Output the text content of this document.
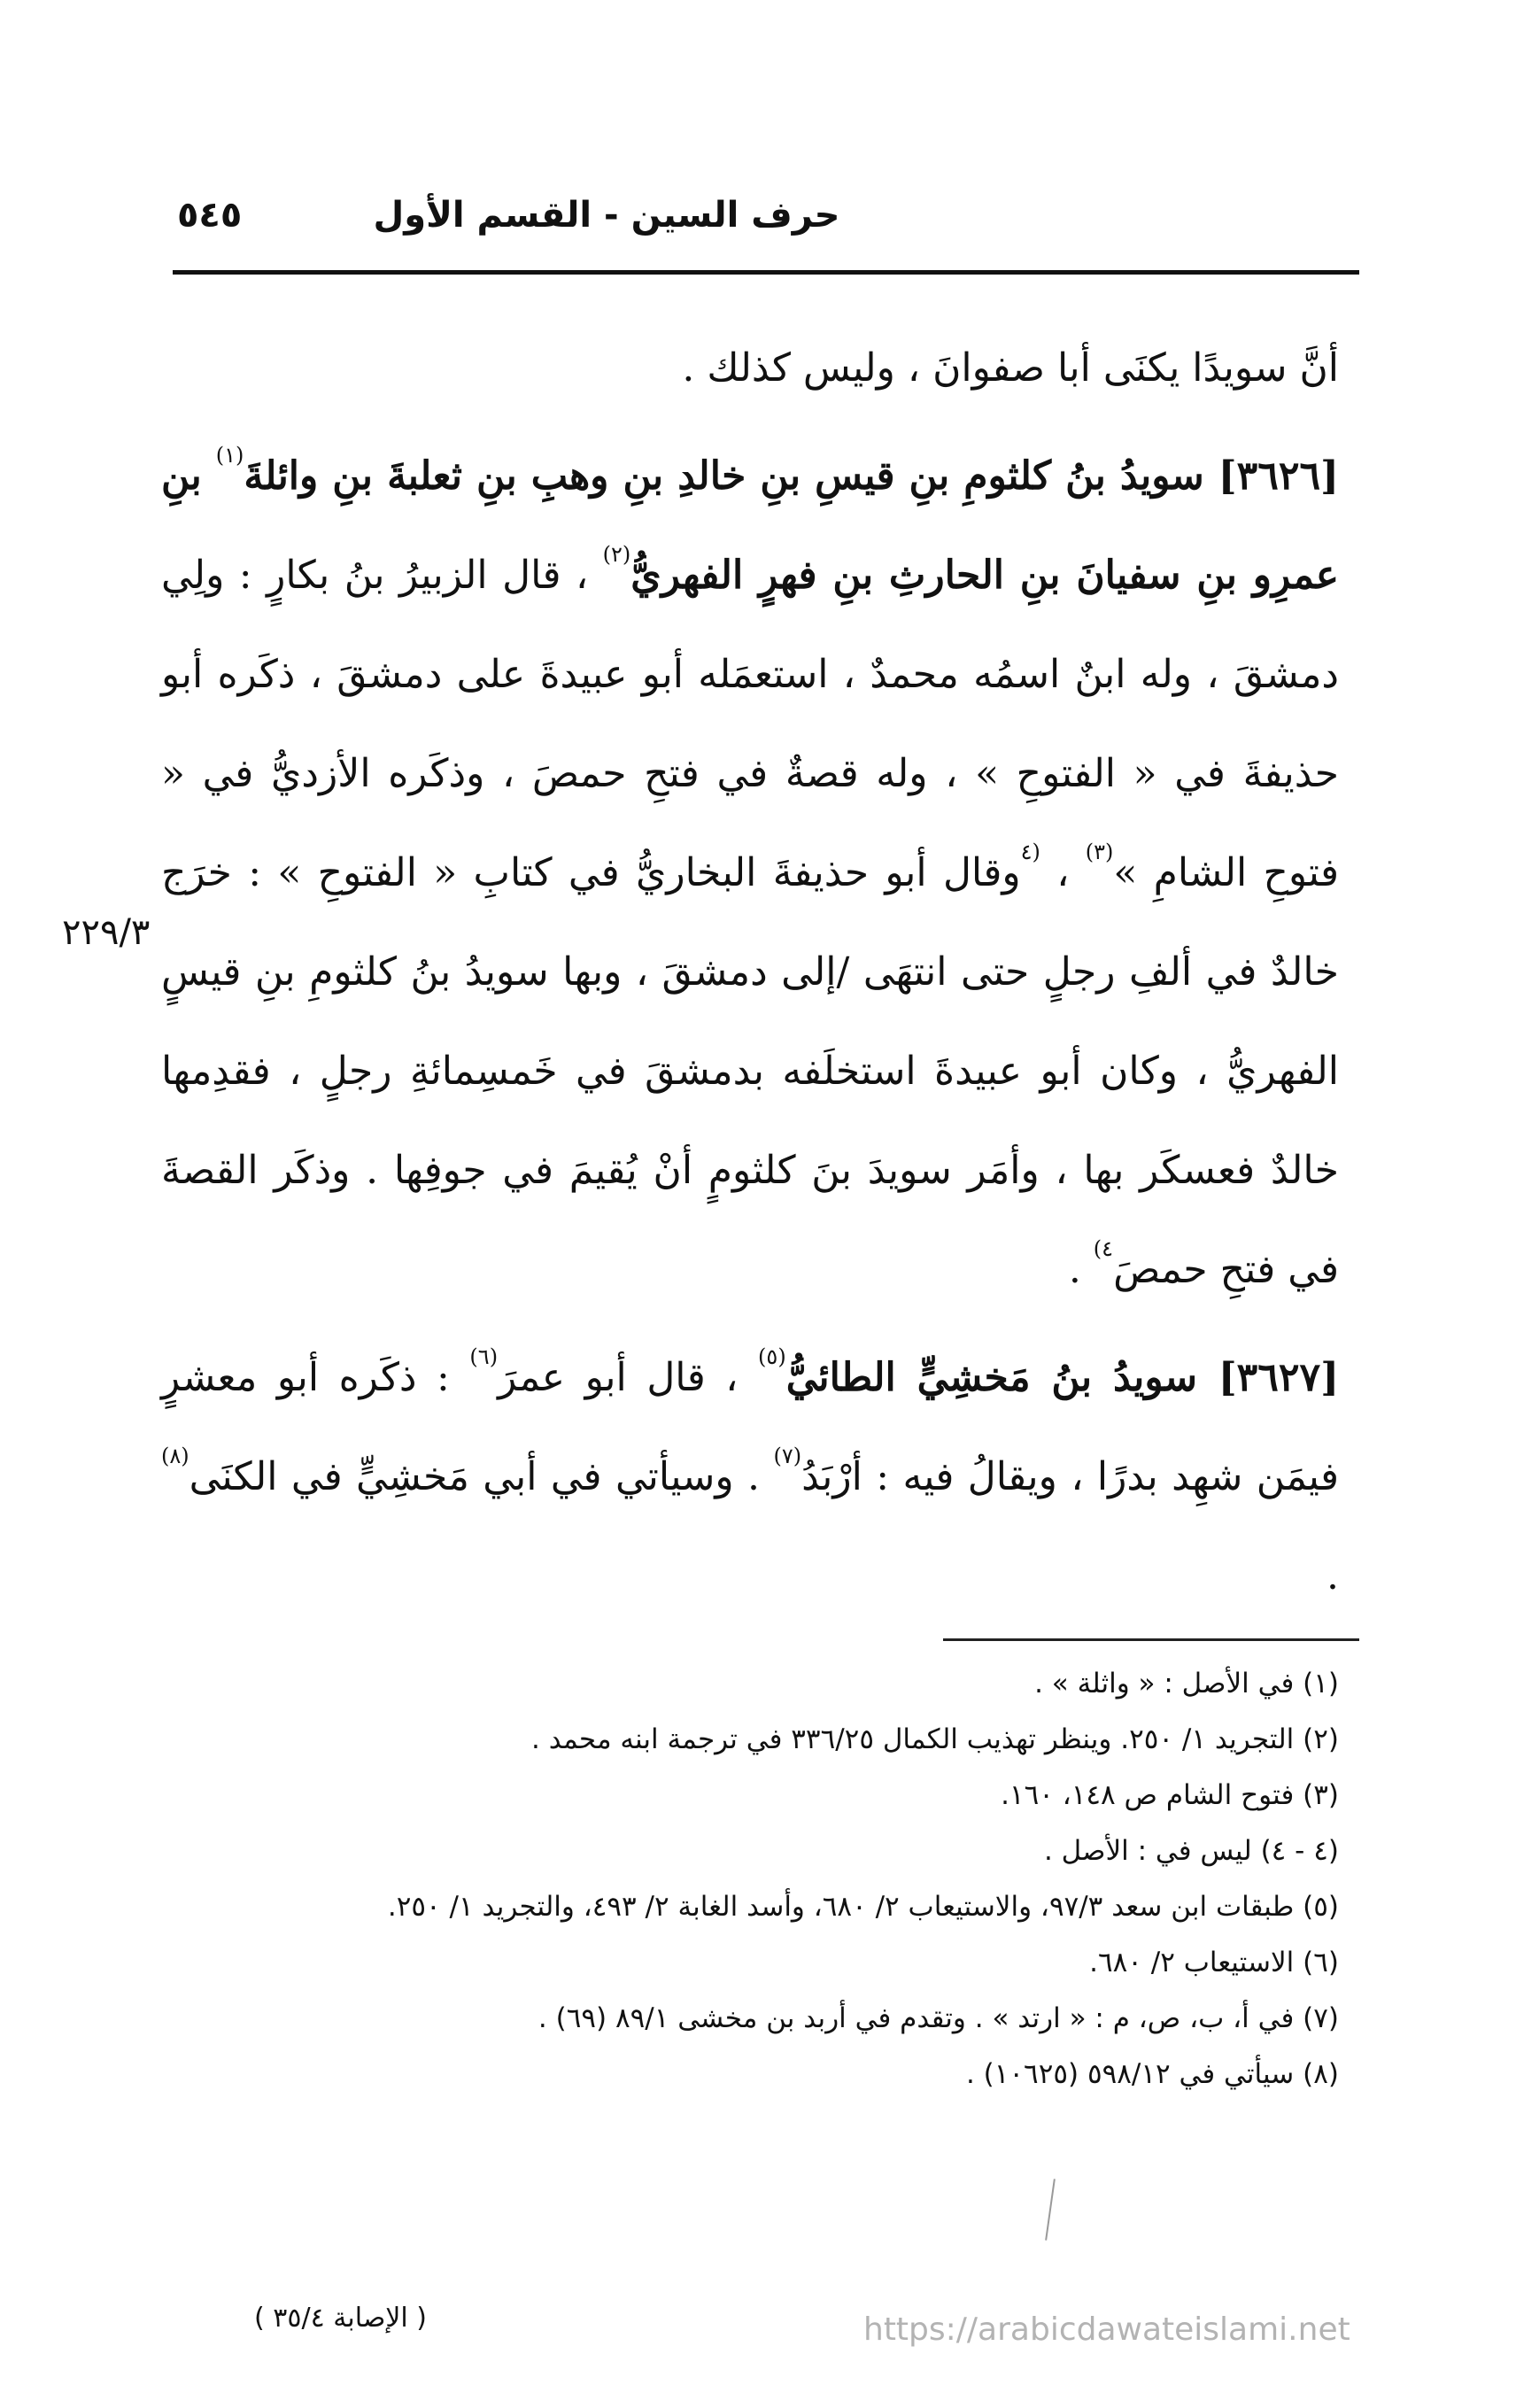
حرف السين - القسم الأول
٥٤٥

أنَّ سويدًا يكنَى أبا صفوانَ ، وليس كذلك .

[٣٦٢٦] سويدُ بنُ كلثومِ بنِ قيسِ بنِ خالدِ بنِ وهبِ بنِ ثعلبةَ بنِ وائلةَ$^{(١)}$ بنِ عمرِو بنِ سفيانَ بنِ الحارثِ بنِ فهرٍ الفهريُّ$^{(٢)}$ ، قال الزبيرُ بنُ بكارٍ : ولِي دمشقَ ، وله ابنٌ اسمُه محمدٌ ، استعمَله أبو عبيدةَ على دمشقَ ، ذكَره أبو حذيفةَ في « الفتوحِ » ، وله قصةٌ في فتحِ حمصَ ، وذكَره الأزديُّ في « فتوحِ الشامِ »$^{(٣)}$ ، $^{(٤}$وقال أبو حذيفةَ البخاريُّ في كتابِ « الفتوحِ » : خرَج خالدٌ في ألفِ رجلٍ حتى انتهَى /إلى دمشقَ ، وبها سويدُ بنُ كلثومِ بنِ قيسٍ الفهريُّ ، وكان أبو عبيدةَ استخلَفه بدمشقَ في خَمسِمائةِ رجلٍ ، فقدِمها خالدٌ فعسكَر بها ، وأمَر سويدَ بنَ كلثومٍ أنْ يُقيمَ في جوفِها . وذكَر القصةَ في فتحِ حمصَ$^{٤)}$ .

[٣٦٢٧] سويدُ بنُ مَخشِيٍّ الطائيُّ$^{(٥)}$ ، قال أبو عمرَ$^{(٦)}$ : ذكَره أبو معشرٍ فيمَن شهِد بدرًا ، ويقالُ فيه : أرْبَدُ$^{(٧)}$ . وسيأتي في أبي مَخشِيٍّ في الكنَى$^{(٨)}$ .

٢٢٩/٣
(١) في الأصل : « واثلة » .
(٢) التجريد ١/ ٢٥٠. وينظر تهذيب الكمال ٣٣٦/٢٥ في ترجمة ابنه محمد .
(٣) فتوح الشام ص ١٤٨، ١٦٠.
(٤ - ٤) ليس في : الأصل .
(٥) طبقات ابن سعد ٩٧/٣، والاستيعاب ٢/ ٦٨٠، وأسد الغابة ٢/ ٤٩٣، والتجريد ١/ ٢٥٠.
(٦) الاستيعاب ٢/ ٦٨٠.
(٧) في أ، ب، ص، م : « ارتد » . وتقدم في أربد بن مخشى ٨٩/١ (٦٩) .
(٨) سيأتي في ٥٩٨/١٢ (١٠٦٢٥) .
( الإصابة ٣٥/٤ )	https://arabicdawateislami.net
